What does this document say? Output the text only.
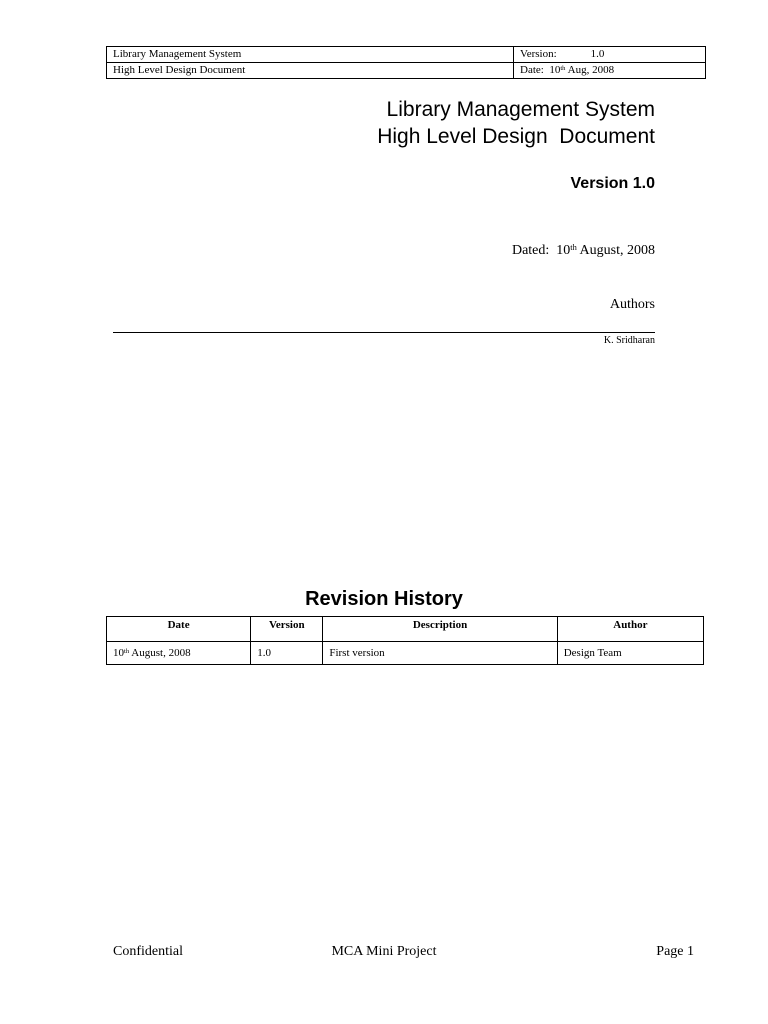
Library Management System	Version: 1.0
High Level Design Document	Date: 10th Aug, 2008
Library Management System
High Level Design  Document
Version 1.0
Dated: 10th August, 2008
Authors
K. Sridharan
Revision History
Date	Version	Description	Author
10th August, 2008	1.0	First version	Design Team
Confidential	MCA Mini Project	Page 1
